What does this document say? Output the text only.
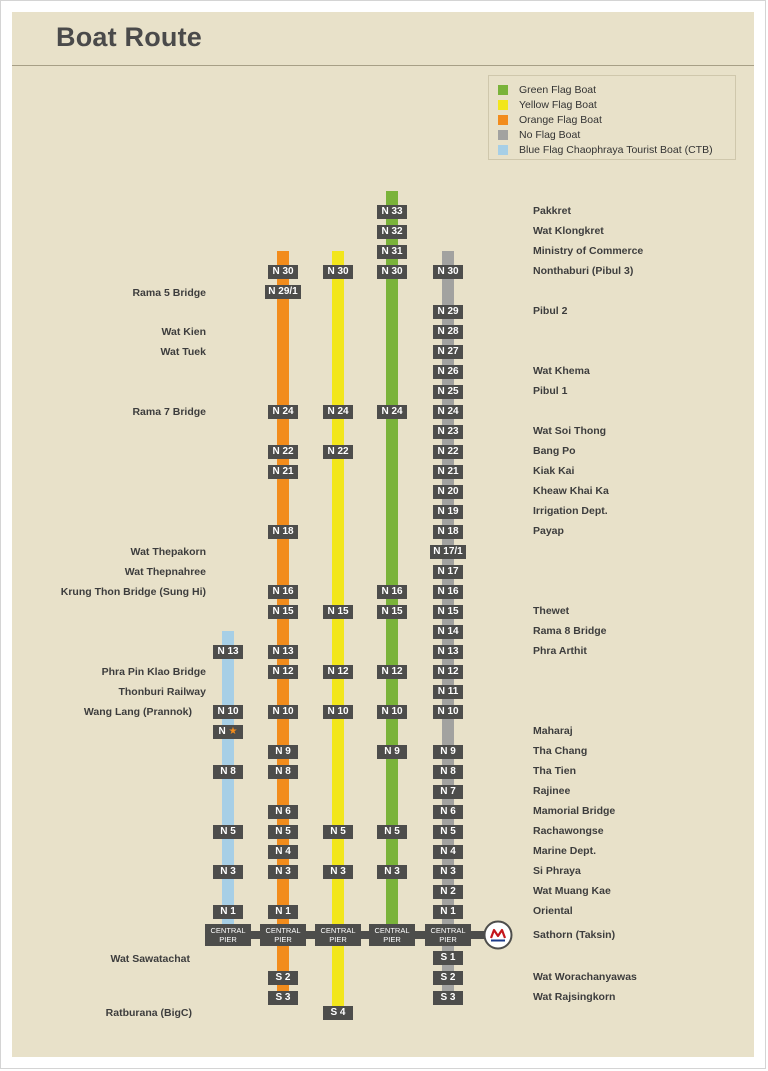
Boat Route
Green Flag Boat
Yellow Flag Boat
Orange Flag Boat
No Flag Boat
Blue Flag Chaophraya Tourist Boat (CTB)
CENTRAL PIER
CENTRAL PIER
CENTRAL PIER
CENTRAL PIER
CENTRAL PIER
N 13
N 10
N ★
N 8
N 5
N 3
N 1
N 30
N 29/1
N 24
N 22
N 21
N 18
N 16
N 15
N 13
N 12
N 10
N 9
N 8
N 6
N 5
N 4
N 3
N 1
S 2
S 3
N 30
N 24
N 22
N 15
N 12
N 10
N 5
N 3
S 4
N 33
N 32
N 31
N 30
N 24
N 16
N 15
N 12
N 10
N 9
N 5
N 3
N 30
N 29
N 28
N 27
N 26
N 25
N 24
N 23
N 22
N 21
N 20
N 19
N 18
N 17/1
N 17
N 16
N 15
N 14
N 13
N 12
N 11
N 10
N 9
N 8
N 7
N 6
N 5
N 4
N 3
N 2
N 1
S 1
S 2
S 3
Rama 5 Bridge
Wat Kien
Wat Tuek
Rama 7 Bridge
Wat Thepakorn
Wat Thepnahree
Krung Thon Bridge (Sung Hi)
Phra Pin Klao Bridge
Thonburi Railway
Wang Lang (Prannok)
Wat Sawatachat
Ratburana (BigC)
Pakkret
Wat Klongkret
Ministry of Commerce
Nonthaburi (Pibul 3)
Pibul 2
Wat Khema
Pibul 1
Wat Soi Thong
Bang Po
Kiak Kai
Kheaw Khai Ka
Irrigation Dept.
Payap
Thewet
Rama 8 Bridge
Phra Arthit
Maharaj
Tha Chang
Tha Tien
Rajinee
Mamorial Bridge
Rachawongse
Marine Dept.
Si Phraya
Wat Muang Kae
Oriental
Sathorn (Taksin)
Wat Worachanyawas
Wat Rajsingkorn
